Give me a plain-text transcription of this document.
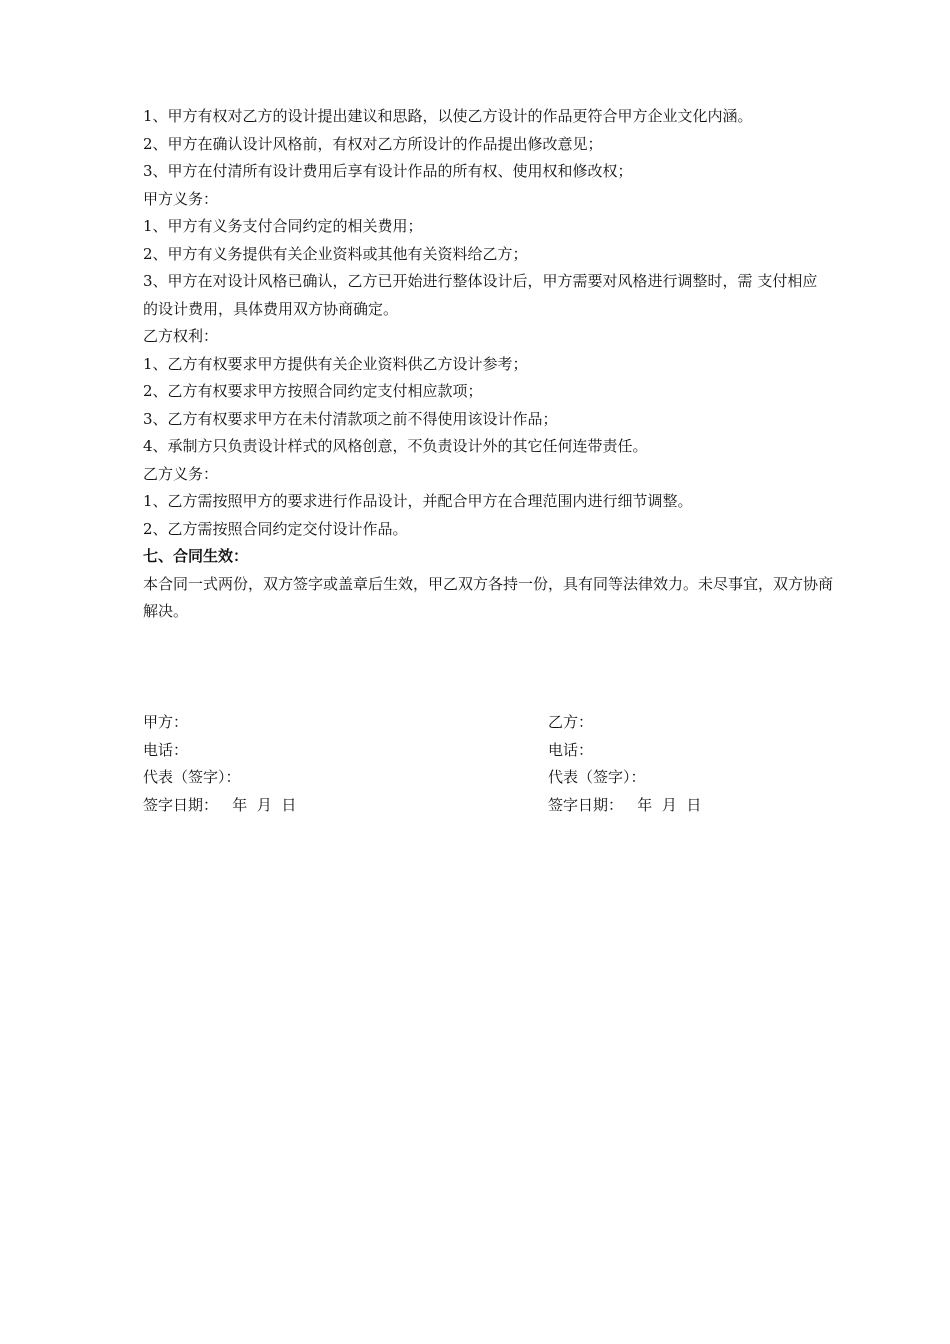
1、甲方有权对乙方的设计提出建议和思路，以使乙方设计的作品更符合甲方企业文化内涵。
2、甲方在确认设计风格前，有权对乙方所设计的作品提出修改意见；
3、甲方在付清所有设计费用后享有设计作品的所有权、使用权和修改权；
甲方义务：
1、甲方有义务支付合同约定的相关费用；
2、甲方有义务提供有关企业资料或其他有关资料给乙方；
3、甲方在对设计风格已确认，乙方已开始进行整体设计后，甲方需要对风格进行调整时，需 支付相应的设计费用，具体费用双方协商确定。
乙方权利：
1、乙方有权要求甲方提供有关企业资料供乙方设计参考；
2、乙方有权要求甲方按照合同约定支付相应款项；
3、乙方有权要求甲方在未付清款项之前不得使用该设计作品；
4、承制方只负责设计样式的风格创意，不负责设计外的其它任何连带责任。
乙方义务：
1、乙方需按照甲方的要求进行作品设计，并配合甲方在合理范围内进行细节调整。
2、乙方需按照合同约定交付设计作品。
七、合同生效：
本合同一式两份，双方签字或盖章后生效，甲乙双方各持一份，具有同等法律效力。未尽事宜，双方协商解决。
甲方：
电话：
代表（签字）：
签字日期：   年  月  日
乙方：
电话：
代表（签字）：
签字日期：   年  月  日
